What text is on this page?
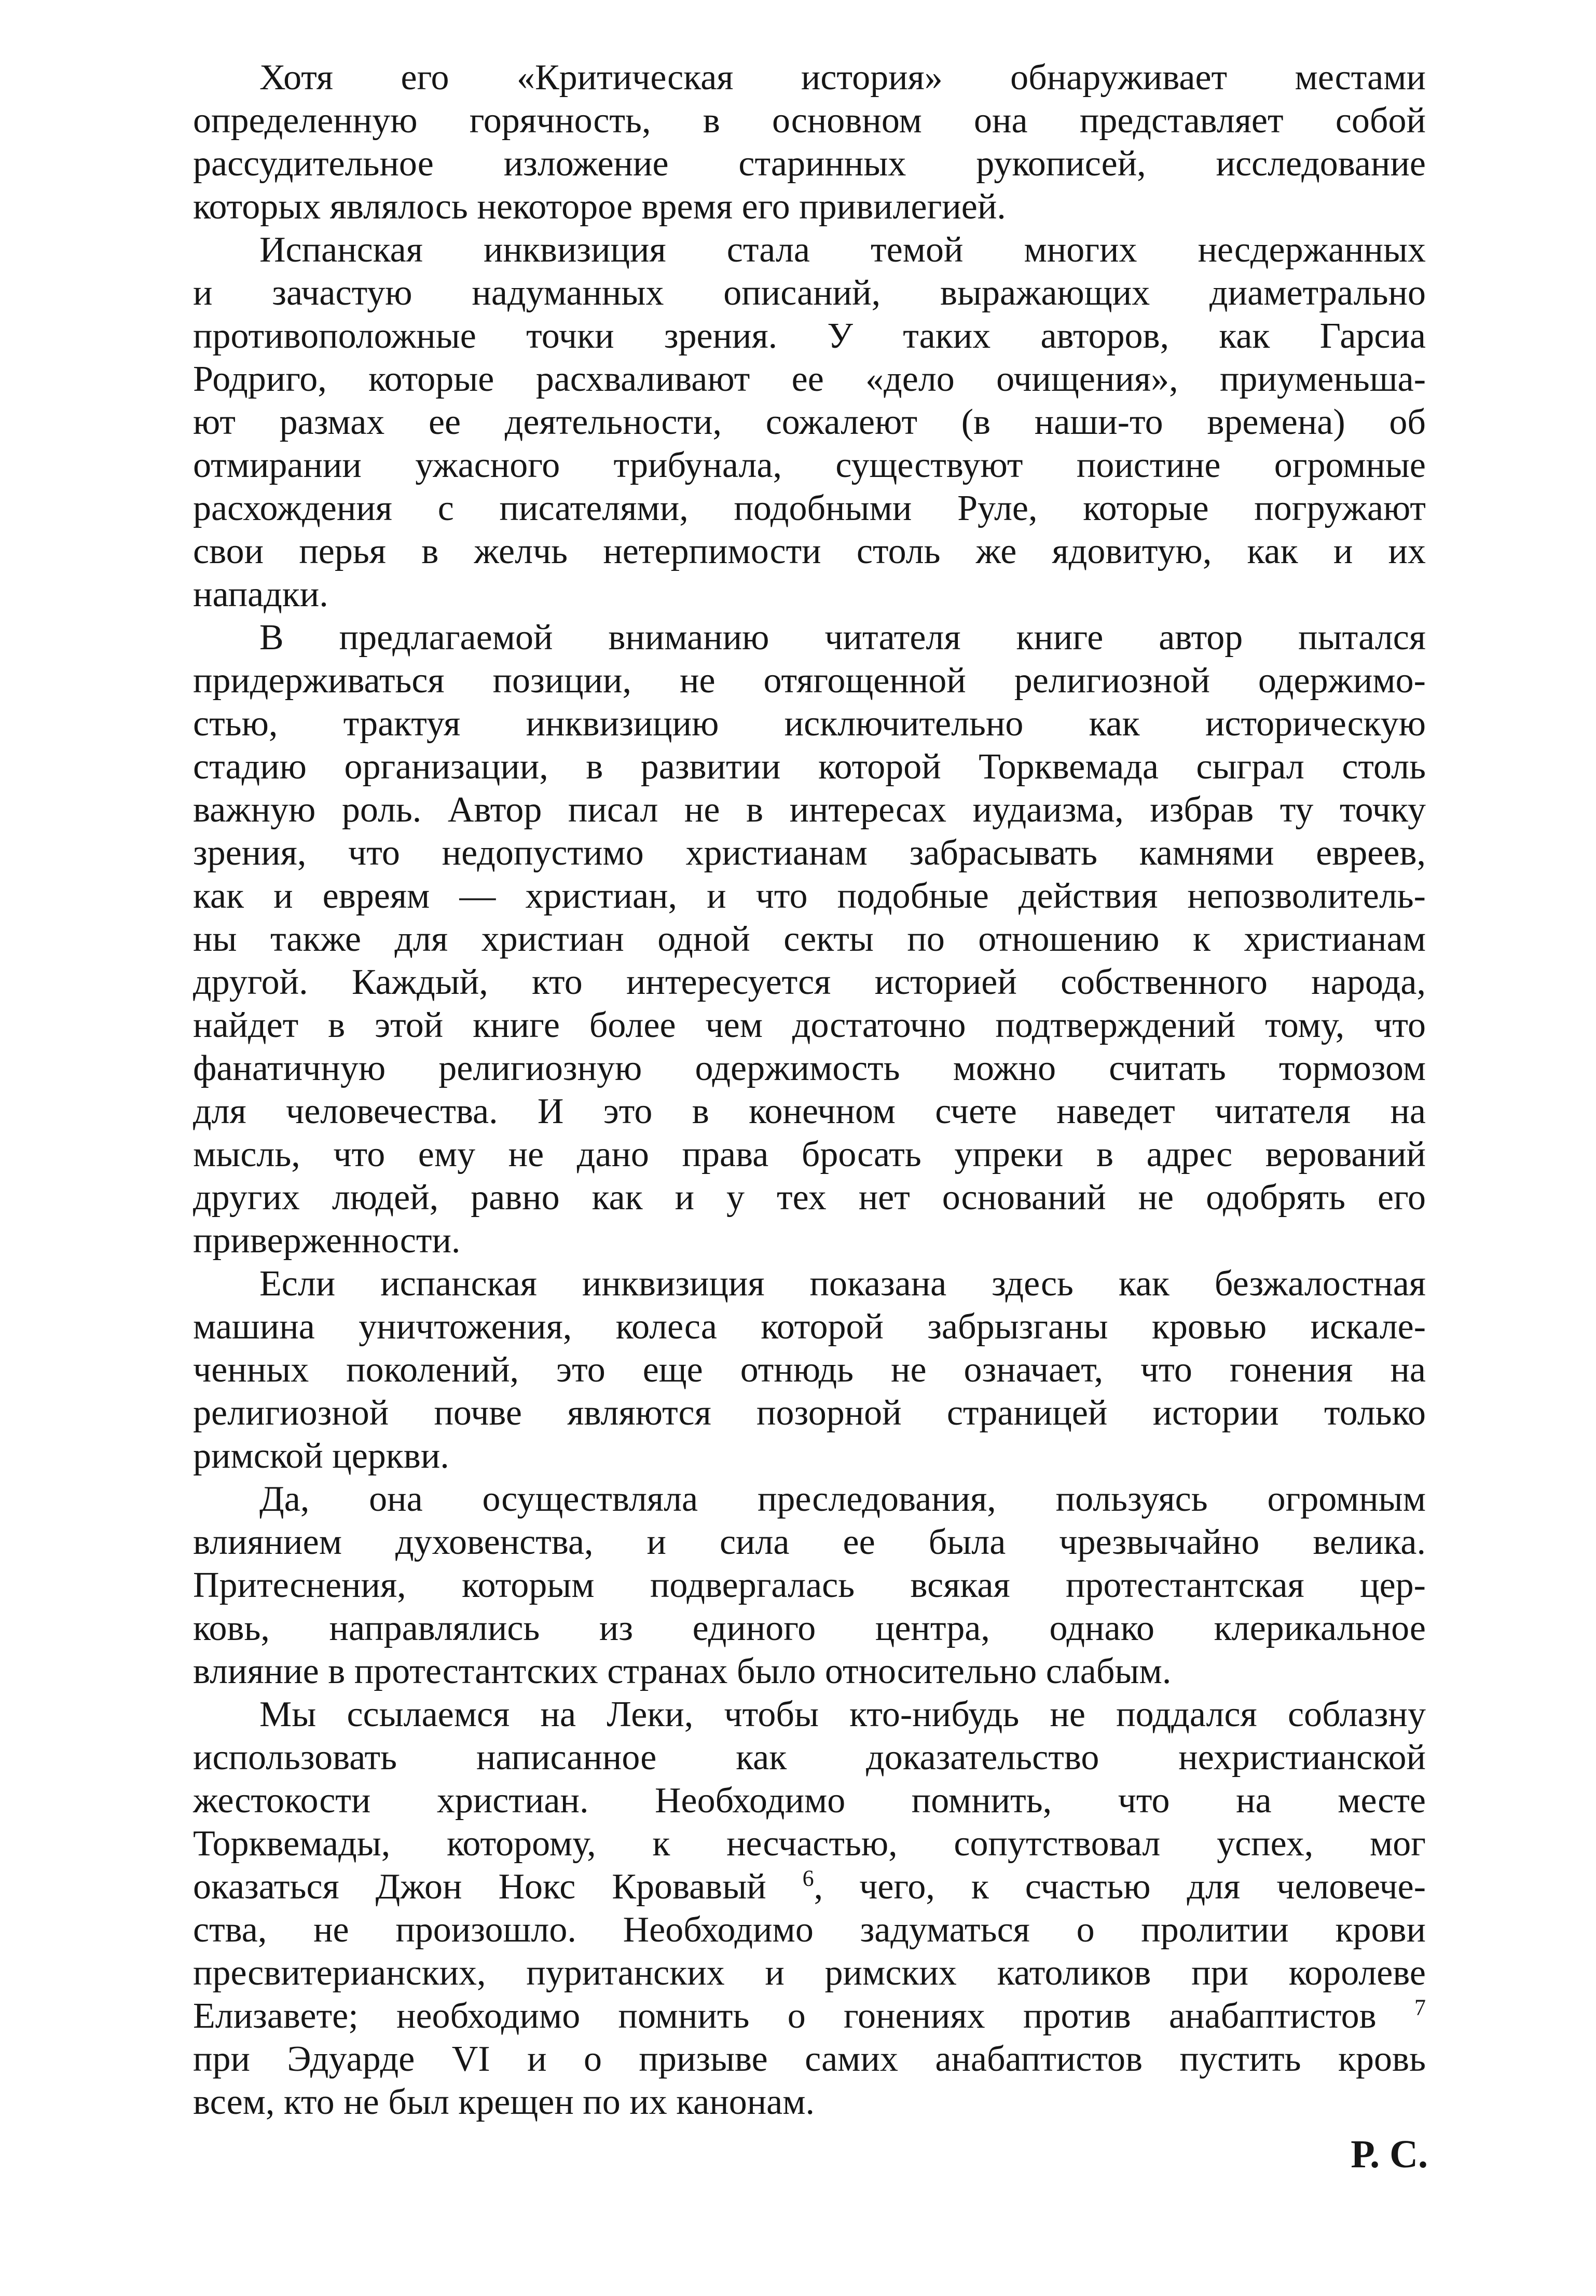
Хотя его «Критическая история» обнаруживает местами
определенную горячность, в основном она представляет собой
рассудительное изложение старинных рукописей, исследование
которых являлось некоторое время его привилегией.

Испанская инквизиция стала темой многих несдержанных
и зачастую надуманных описаний, выражающих диаметрально
противоположные точки зрения. У таких авторов, как Гарсиа
Родриго, которые расхваливают ее «дело очищения», приуменьша-
ют размах ее деятельности, сожалеют (в наши-то времена) об
отмирании ужасного трибунала, существуют поистине огромные
расхождения с писателями, подобными Руле, которые погружают
свои перья в желчь нетерпимости столь же ядовитую, как и их
нападки.

В предлагаемой вниманию читателя книге автор пытался
придерживаться позиции, не отягощенной религиозной одержимо-
стью, трактуя инквизицию исключительно как историческую
стадию организации, в развитии которой Торквемада сыграл столь
важную роль. Автор писал не в интересах иудаизма, избрав ту точку
зрения, что недопустимо христианам забрасывать камнями евреев,
как и евреям — христиан, и что подобные действия непозволитель-
ны также для христиан одной секты по отношению к христианам
другой. Каждый, кто интересуется историей собственного народа,
найдет в этой книге более чем достаточно подтверждений тому, что
фанатичную религиозную одержимость можно считать тормозом
для человечества. И это в конечном счете наведет читателя на
мысль, что ему не дано права бросать упреки в адрес верований
других людей, равно как и у тех нет оснований не одобрять его
приверженности.

Если испанская инквизиция показана здесь как безжалостная
машина уничтожения, колеса которой забрызганы кровью искале-
ченных поколений, это еще отнюдь не означает, что гонения на
религиозной почве являются позорной страницей истории только
римской церкви.

Да, она осуществляла преследования, пользуясь огромным
влиянием духовенства, и сила ее была чрезвычайно велика.
Притеснения, которым подвергалась всякая протестантская цер-
ковь, направлялись из единого центра, однако клерикальное
влияние в протестантских странах было относительно слабым.

Мы ссылаемся на Леки, чтобы кто-нибудь не поддался соблазну
использовать написанное как доказательство нехристианской
жестокости христиан. Необходимо помнить, что на месте
Торквемады, которому, к несчастью, сопутствовал успех, мог
оказаться Джон Нокс Кровавый $^6$, чего, к счастью для человече-
ства, не произошло. Необходимо задуматься о пролитии крови
пресвитерианских, пуританских и римских католиков при королеве
Елизавете; необходимо помнить о гонениях против анабаптистов $^7$
при Эдуарде VI и о призыве самих анабаптистов пустить кровь
всем, кто не был крещен по их канонам.

Р. С.
